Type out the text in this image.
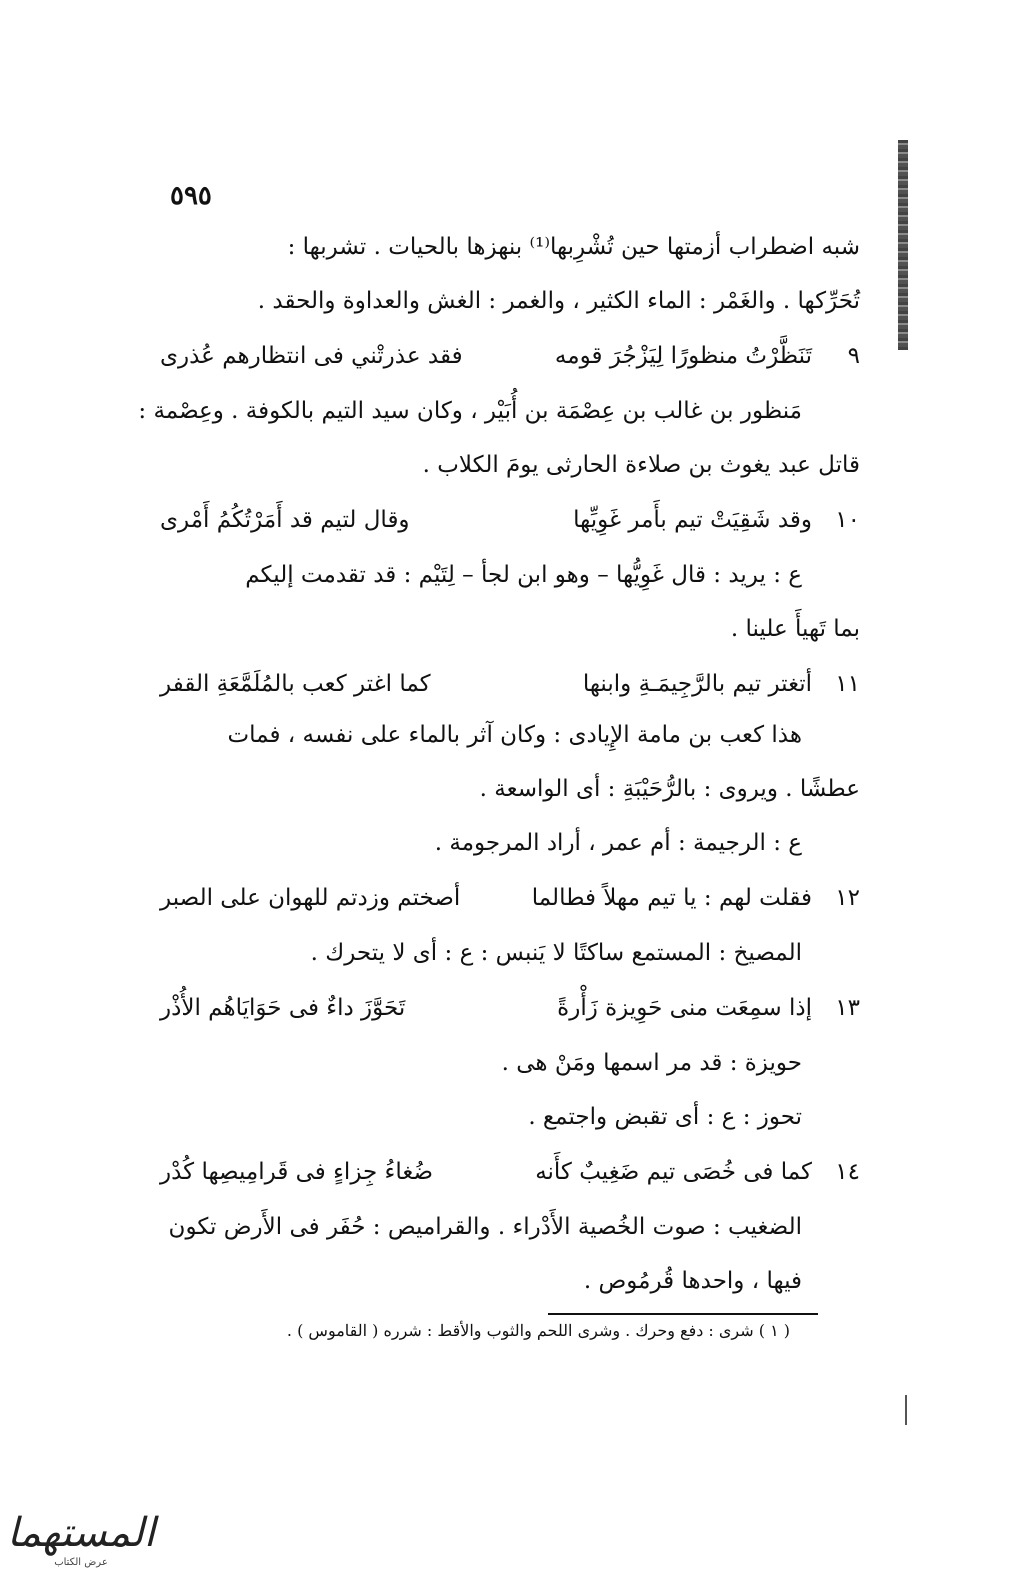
٥٩٥
شبه اضطراب أزمتها حين تُشْرِبها⁽¹⁾ بنهزها بالحيات . تشربها :
تُحَرِّكها . والغَمْر : الماء الكثير ، والغمر : الغش والعداوة والحقد .
٩
تَنَظَّرْتُ منظورًا لِيَزْجُرَ قومه
فقد عذرتْني فى انتظارهم عُذرى
مَنظور بن غالب بن عِصْمَة بن أُبَيْر ، وكان سيد التيم بالكوفة . وعِصْمة :
قاتل عبد يغوث بن صلاءة الحارثى يومَ الكلاب .
١٠
وقد شَقِيَتْ تيم بأَمر غَوِيِّها
وقال لتيم قد أَمَرْتُكُمُ أَمْرى
ع : يريد : قال غَوِيُّها – وهو ابن لجأ – لِتَيْم : قد تقدمت إليكم
بما تَهيأَ علينا .
١١
أتغتر تيم بالرَّجِيمَـةِ وابنها
كما اغتر كعب بالمُلَمَّعَةِ القفر
هذا كعب بن مامة الإِيادى : وكان آثر بالماء على نفسه ، فمات
عطشًا . ويروى : بالرُّحَيْبَةِ : أى الواسعة .
ع : الرجيمة : أم عمر ، أراد المرجومة .
١٢
فقلت لهم : يا تيم مهلاً فطالما
أصختم وزدتم للهوان على الصبر
المصيخ : المستمع ساكتًا لا يَنبس : ع : أى لا يتحرك .
١٣
إذا سمِعَت منى حَوِيزة زَأْرةً
تَحَوَّزَ داءٌ فى حَوَايَاهُم الأُذْر
حويزة : قد مر اسمها ومَنْ هى .
تحوز : ع : أى تقبض واجتمع .
١٤
كما فى خُصَى تيم ضَغِيبٌ كأَنه
ضُغاءُ جِزاءٍ فى قَرامِيصِها كُدْر
الضغيب : صوت الخُصية الأَدْراء . والقراميص : حُفَر فى الأَرض تكون
فيها ، واحدها قُرمُوص .
( ١ ) شرى : دفع وحرك . وشرى اللحم والثوب والأقط : شرره ( القاموس ) .
المستهما
عرض الكتاب
